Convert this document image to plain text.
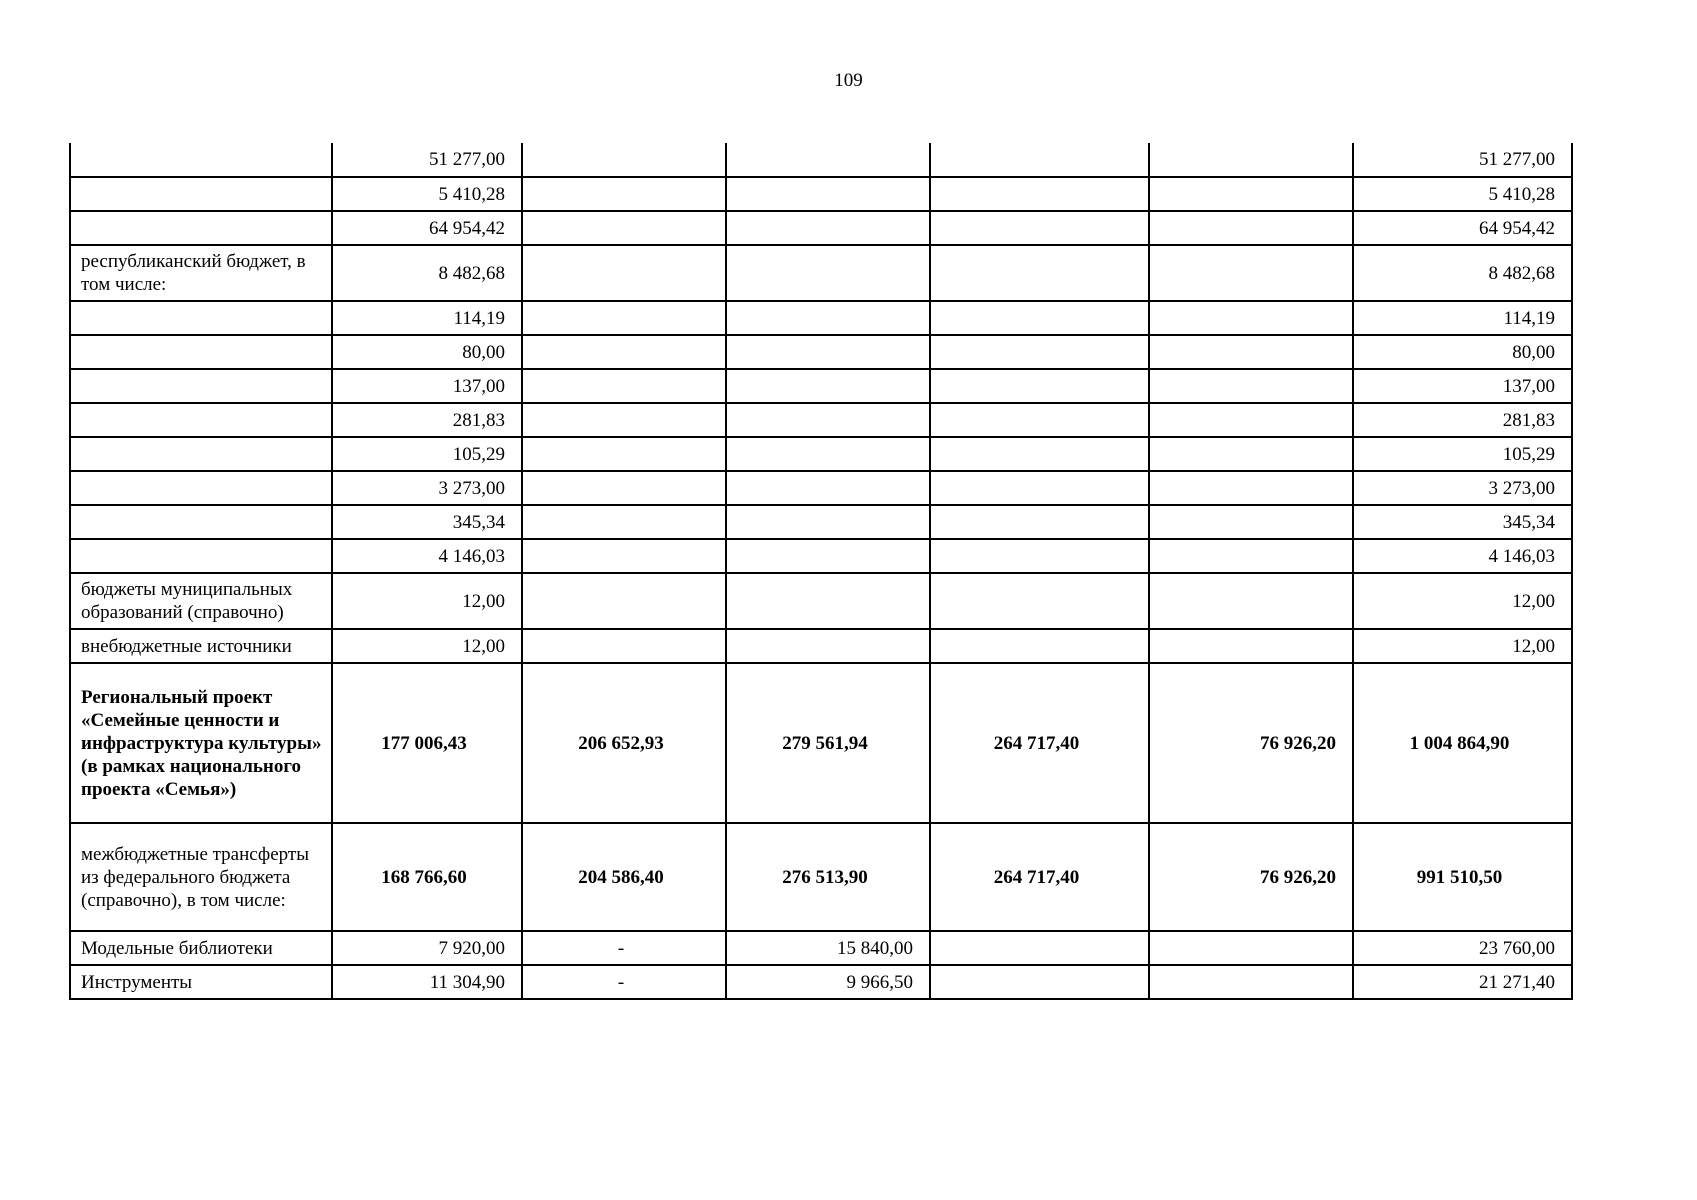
109
	51 277,00					51 277,00
	5 410,28					5 410,28
	64 954,42					64 954,42
республиканский бюджет, в том числе:	8 482,68					8 482,68
	114,19					114,19
	80,00					80,00
	137,00					137,00
	281,83					281,83
	105,29					105,29
	3 273,00					3 273,00
	345,34					345,34
	4 146,03					4 146,03
бюджеты муниципальных образований (справочно)	12,00					12,00
внебюджетные источники	12,00					12,00
Региональный проект «Семейные ценности и инфраструктура культуры» (в рамках национального проекта «Семья»)	177 006,43	206 652,93	279 561,94	264 717,40	76 926,20	1 004 864,90
межбюджетные трансферты из федерального бюджета (справочно), в том числе:	168 766,60	204 586,40	276 513,90	264 717,40	76 926,20	991 510,50
Модельные библиотеки	7 920,00	-	15 840,00			23 760,00
Инструменты	11 304,90	-	9 966,50			21 271,40
